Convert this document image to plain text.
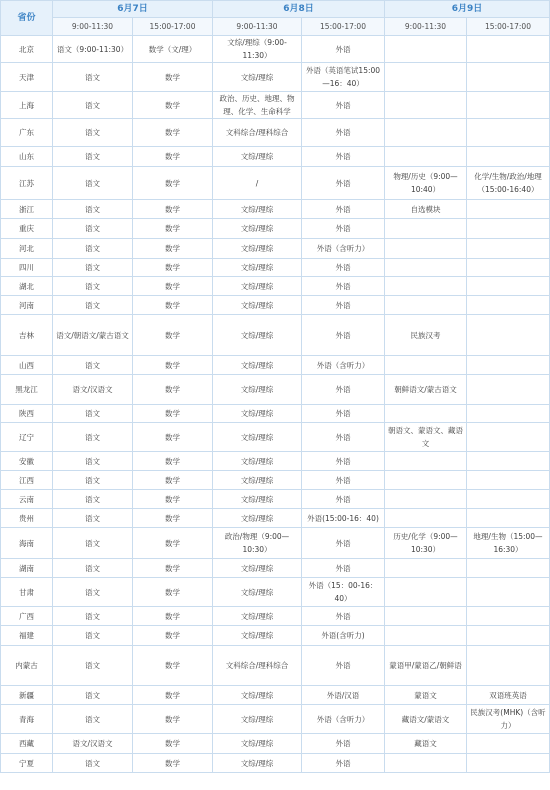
省份	6月7日		6月8日		6月9日	
	9:00-11:30	15:00-17:00	9:00-11:30	15:00-17:00	9:00-11:30	15:00-17:00
北京	语文（9:00-11:30）	数学（文/理）	文综/理综（9:00-11:30）	外语		
天津	语文	数学	文综/理综	外语（英语笔试15:00—16：40）		
上海	语文	数学	政治、历史、地理、物理、化学、生命科学	外语		
广东	语文	数学	文科综合/理科综合	外语		
山东	语文	数学	文综/理综	外语		
江苏	语文	数学	/	外语	物理/历史（9:00—10:40）	化学/生物/政治/地理（15:00-16:40）
浙江	语文	数学	文综/理综	外语	自选模块	
重庆	语文	数学	文综/理综	外语		
河北	语文	数学	文综/理综	外语（含听力）		
四川	语文	数学	文综/理综	外语		
湖北	语文	数学	文综/理综	外语		
河南	语文	数学	文综/理综	外语		
吉林	语文/朝语文/蒙古语文	数学	文综/理综	外语	民族汉考	
山西	语文	数学	文综/理综	外语（含听力）		
黑龙江	语文/汉语文	数学	文综/理综	外语	朝鲜语文/蒙古语文	
陕西	语文	数学	文综/理综	外语		
辽宁	语文	数学	文综/理综	外语	朝语文、蒙语文、藏语文	
安徽	语文	数学	文综/理综	外语		
江西	语文	数学	文综/理综	外语		
云南	语文	数学	文综/理综	外语		
贵州	语文	数学	文综/理综	外语(15:00-16：40)		
海南	语文	数学	政治/物理（9:00—10:30）	外语	历史/化学（9:00—10:30）	地理/生物（15:00—16:30）
湖南	语文	数学	文综/理综	外语		
甘肃	语文	数学	文综/理综	外语（15：00-16：40）		
广西	语文	数学	文综/理综	外语		
福建	语文	数学	文综/理综	外语(含听力)		
内蒙古	语文	数学	文科综合/理科综合	外语	蒙语甲/蒙语乙/朝鲜语	
新疆	语文	数学	文综/理综	外语/汉语	蒙语文	双语班英语
青海	语文	数学	文综/理综	外语（含听力）	藏语文/蒙语文	民族汉考(MHK)（含听力）
西藏	语文/汉语文	数学	文综/理综	外语	藏语文	
宁夏	语文	数学	文综/理综	外语		
